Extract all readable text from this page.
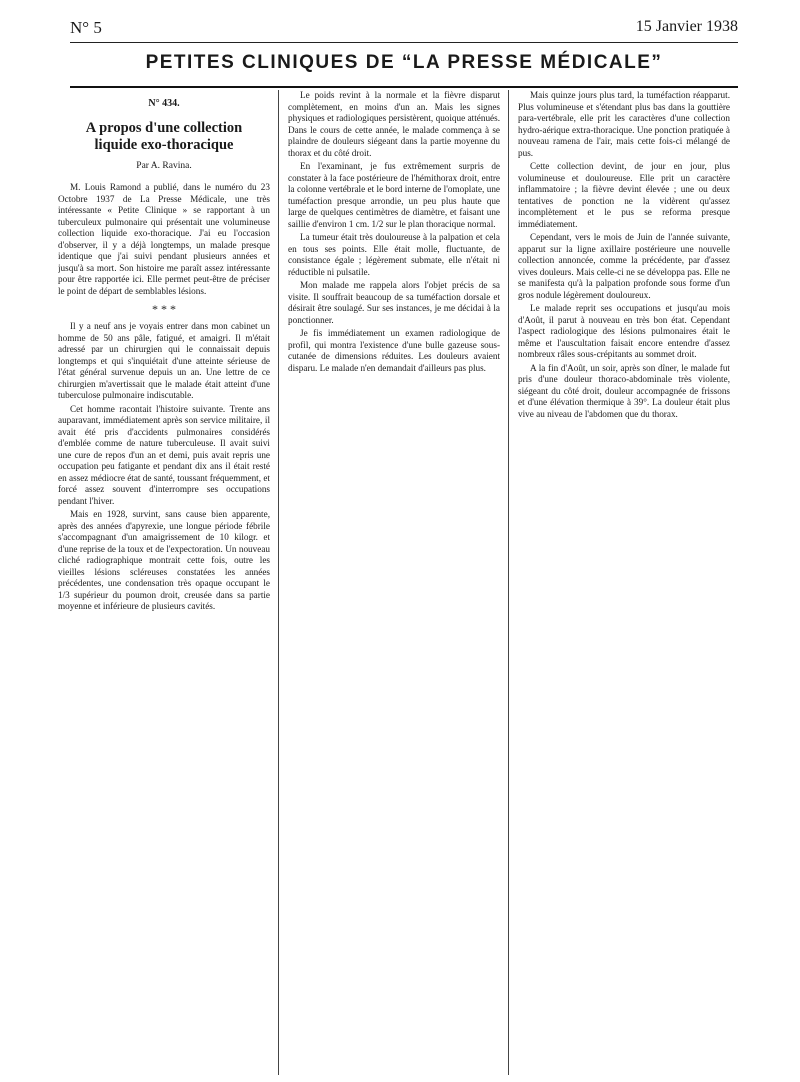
N° 5	15 Janvier 1938
PETITES CLINIQUES DE “LA PRESSE MÉDICALE”
N° 434.
A propos d'une collection
liquide exo-thoracique
Par A. Ravina.

M. Louis Ramond a publié, dans le numéro du 23 Octobre 1937 de La Presse Médicale, une très intéressante « Petite Clinique » se rapportant à un tuberculeux pulmonaire qui présentait une volumineuse collection liquide exo-thoracique. J'ai eu l'occasion d'observer, il y a déjà longtemps, un malade presque identique que j'ai suivi pendant plusieurs années et jusqu'à sa mort. Son histoire me paraît assez intéressante pour être rapportée ici. Elle permet peut-être de préciser le point de départ de semblables lésions.

* * *

Il y a neuf ans je voyais entrer dans mon cabinet un homme de 50 ans pâle, fatigué, et amaigri. Il m'était adressé par un chirurgien qui le connaissait depuis longtemps et qui s'inquiétait d'une atteinte sérieuse de l'état général survenue depuis un an. Une lettre de ce chirurgien m'avertissait que le malade était atteint d'une tuberculose pulmonaire indiscutable.

Cet homme racontait l'histoire suivante. Trente ans auparavant, immédiatement après son service militaire, il avait été pris d'accidents pulmonaires considérés d'emblée comme de nature tuberculeuse. Il avait suivi une cure de repos d'un an et demi, puis avait repris une occupation peu fatigante et pendant dix ans il était resté en assez médiocre état de santé, toussant fréquemment, et forcé assez souvent d'interrompre ses occupations pendant l'hiver.

Mais en 1928, survint, sans cause bien apparente, après des années d'apyrexie, une longue période fébrile s'accompagnant d'un amaigrissement de 10 kilogr. et d'une reprise de la toux et de l'expectoration. Un nouveau cliché radiographique montrait cette fois, outre les vieilles lésions scléreuses constatées les années précédentes, une condensation très opaque occupant le 1/3 supérieur du poumon droit, creusée dans sa partie moyenne et inférieure de plusieurs cavités.

Le poids revint à la normale et la fièvre disparut complètement, en moins d'un an. Mais les signes physiques et radiologiques persistèrent, quoique atténués. Dans le cours de cette année, le malade commença à se plaindre de douleurs siégeant dans la partie moyenne du thorax et du côté droit.

En l'examinant, je fus extrêmement surpris de constater à la face postérieure de l'hémithorax droit, entre la colonne vertébrale et le bord interne de l'omoplate, une tuméfaction presque arrondie, un peu plus haute que large de quelques centimètres de diamètre, et faisant une saillie d'environ 1 cm. 1/2 sur le plan thoracique normal.

La tumeur était très douloureuse à la palpation et cela en tous ses points. Elle était molle, fluctuante, de consistance égale ; légèrement submate, elle n'était ni réductible ni pulsatile.

Mon malade me rappela alors l'objet précis de sa visite. Il souffrait beaucoup de sa tuméfaction dorsale et désirait être soulagé. Sur ses instances, je me décidai à la ponctionner.

Je fis immédiatement un examen radiologique de profil, qui montra l'existence d'une bulle gazeuse sous-cutanée de dimensions réduites. Les douleurs avaient disparu. Le malade n'en demandait d'ailleurs pas plus.

Mais quinze jours plus tard, la tuméfaction réapparut. Plus volumineuse et s'étendant plus bas dans la gouttière para-vertébrale, elle prit les caractères d'une collection hydro-aérique extra-thoracique. Une ponction pratiquée à nouveau ramena de l'air, mais cette fois-ci mélangé de pus.

Cette collection devint, de jour en jour, plus volumineuse et douloureuse. Elle prit un caractère inflammatoire ; la fièvre devint élevée ; une ou deux tentatives de ponction ne la vidèrent qu'assez incomplètement et le pus se reforma presque immédiatement.

Cependant, vers le mois de Juin de l'année suivante, apparut sur la ligne axillaire postérieure une nouvelle collection annoncée, comme la précédente, par d'assez vives douleurs. Mais celle-ci ne se développa pas. Elle ne se manifesta qu'à la palpation profonde sous forme d'un gros nodule légèrement douloureux.

Le malade reprit ses occupations et jusqu'au mois d'Août, il parut à nouveau en très bon état. Cependant l'aspect radiologique des lésions pulmonaires était le même et l'auscultation faisait encore entendre d'assez nombreux râles sous-crépitants au sommet droit.

A la fin d'Août, un soir, après son dîner, le malade fut pris d'une douleur thoraco-abdominale très violente, siégeant du côté droit, douleur accompagnée de frissons et d'une élévation thermique à 39°. La douleur était plus vive au niveau de l'abdomen que du thorax.
